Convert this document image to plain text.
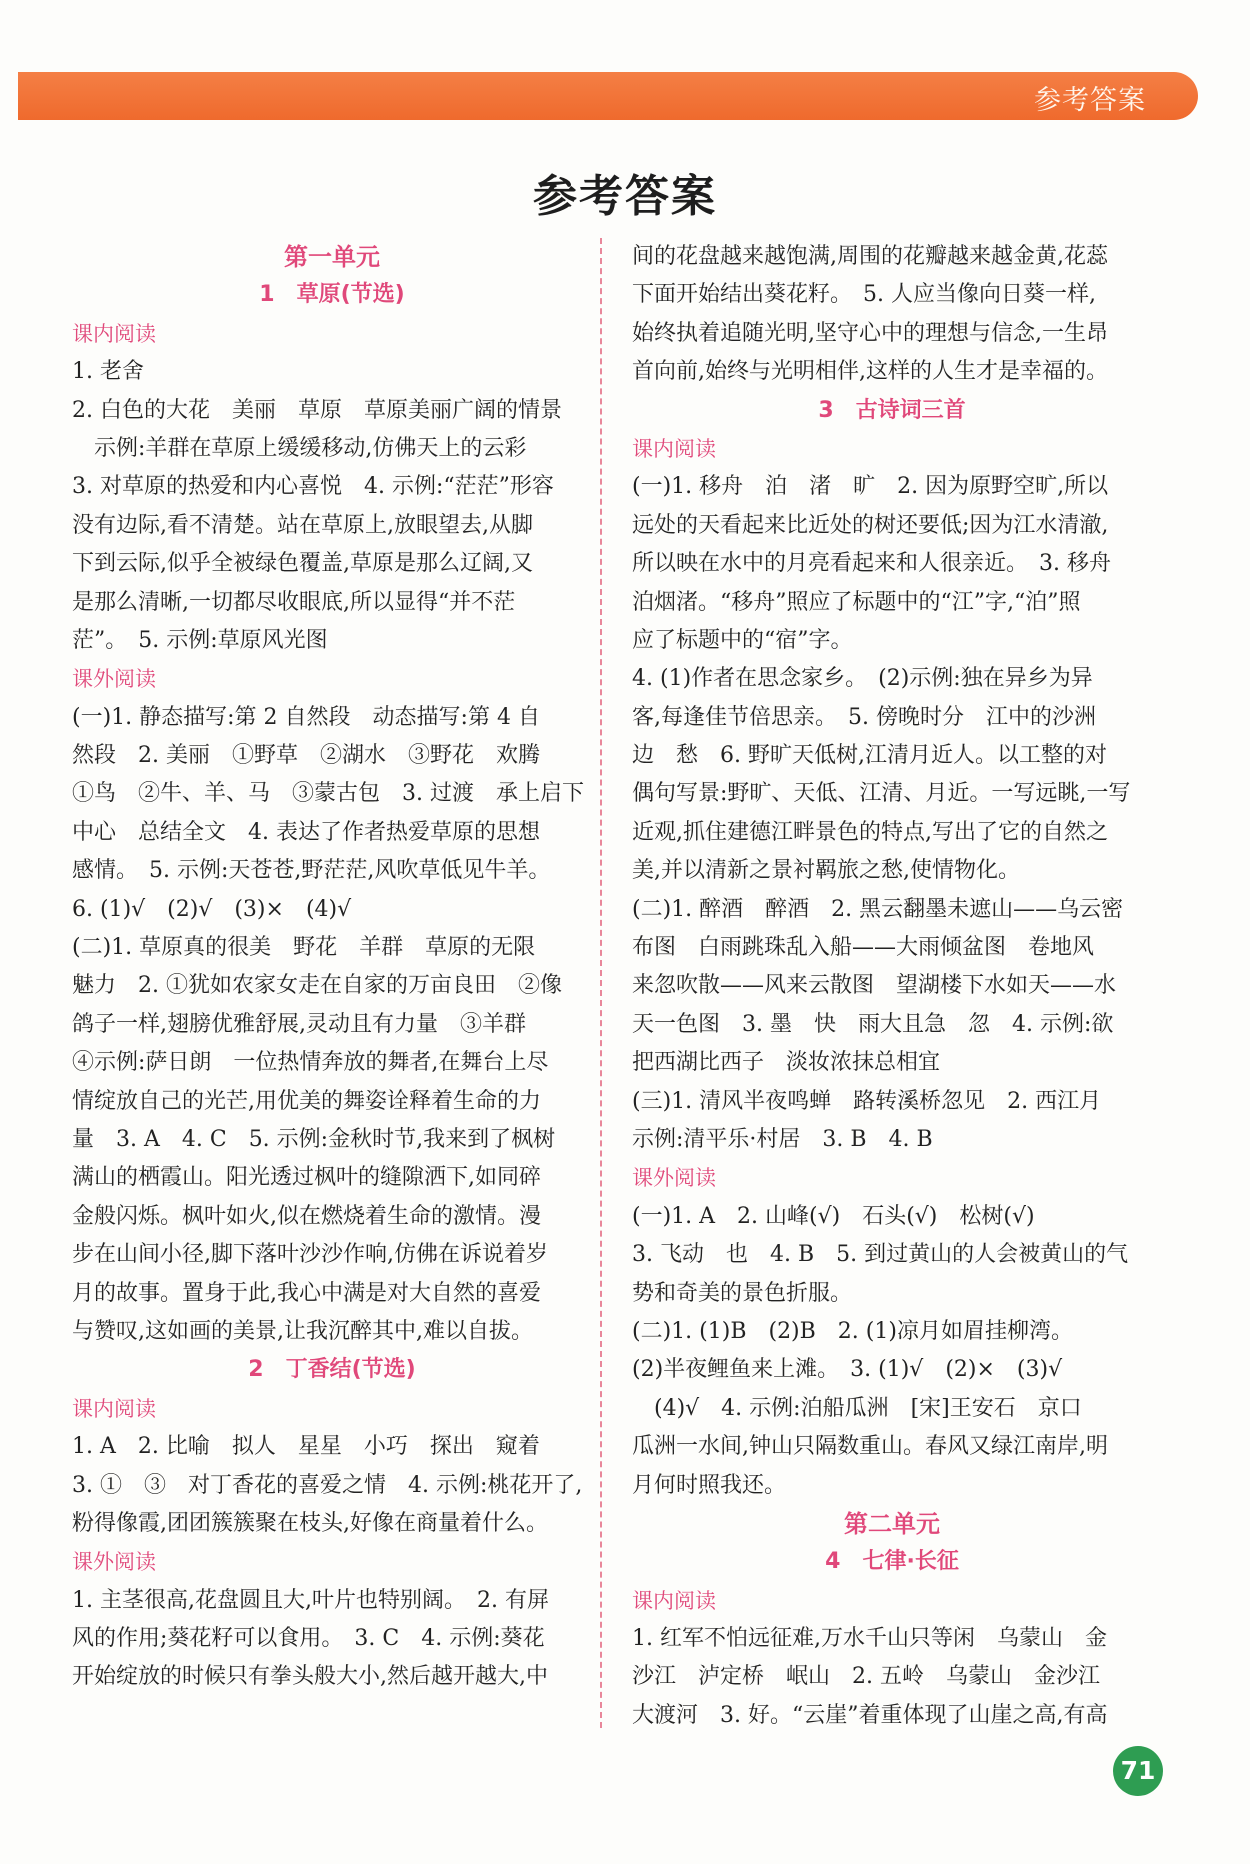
参考答案
参考答案
第一单元
1　草原(节选)
课内阅读
1. 老舍
2. 白色的大花　美丽　草原　草原美丽广阔的情景
　示例:羊群在草原上缓缓移动,仿佛天上的云彩
3. 对草原的热爱和内心喜悦　4. 示例:“茫茫”形容
没有边际,看不清楚。站在草原上,放眼望去,从脚
下到云际,似乎全被绿色覆盖,草原是那么辽阔,又
是那么清晰,一切都尽收眼底,所以显得“并不茫
茫”。　5. 示例:草原风光图
课外阅读
(一)1. 静态描写:第 2 自然段　动态描写:第 4 自
然段　2. 美丽　①野草　②湖水　③野花　欢腾
①鸟　②牛、羊、马　③蒙古包　3. 过渡　承上启下
中心　总结全文　4. 表达了作者热爱草原的思想
感情。　5. 示例:天苍苍,野茫茫,风吹草低见牛羊。
6. (1)√　(2)√　(3)×　(4)√
(二)1. 草原真的很美　野花　羊群　草原的无限
魅力　2. ①犹如农家女走在自家的万亩良田　②像
鸽子一样,翅膀优雅舒展,灵动且有力量　③羊群
④示例:萨日朗　一位热情奔放的舞者,在舞台上尽
情绽放自己的光芒,用优美的舞姿诠释着生命的力
量　3. A　4. C　5. 示例:金秋时节,我来到了枫树
满山的栖霞山。阳光透过枫叶的缝隙洒下,如同碎
金般闪烁。枫叶如火,似在燃烧着生命的激情。漫
步在山间小径,脚下落叶沙沙作响,仿佛在诉说着岁
月的故事。置身于此,我心中满是对大自然的喜爱
与赞叹,这如画的美景,让我沉醉其中,难以自拔。
2　丁香结(节选)
课内阅读
1. A　2. 比喻　拟人　星星　小巧　探出　窥着
3. ①　③　对丁香花的喜爱之情　4. 示例:桃花开了,
粉得像霞,团团簇簇聚在枝头,好像在商量着什么。
课外阅读
1. 主茎很高,花盘圆且大,叶片也特别阔。　2. 有屏
风的作用;葵花籽可以食用。　3. C　4. 示例:葵花
开始绽放的时候只有拳头般大小,然后越开越大,中
间的花盘越来越饱满,周围的花瓣越来越金黄,花蕊
下面开始结出葵花籽。　5. 人应当像向日葵一样,
始终执着追随光明,坚守心中的理想与信念,一生昂
首向前,始终与光明相伴,这样的人生才是幸福的。
3　古诗词三首
课内阅读
(一)1. 移舟　泊　渚　旷　2. 因为原野空旷,所以
远处的天看起来比近处的树还要低;因为江水清澈,
所以映在水中的月亮看起来和人很亲近。　3. 移舟
泊烟渚。“移舟”照应了标题中的“江”字,“泊”照
应了标题中的“宿”字。
4. (1)作者在思念家乡。　(2)示例:独在异乡为异
客,每逢佳节倍思亲。　5. 傍晚时分　江中的沙洲
边　愁　6. 野旷天低树,江清月近人。以工整的对
偶句写景:野旷、天低、江清、月近。一写远眺,一写
近观,抓住建德江畔景色的特点,写出了它的自然之
美,并以清新之景衬羁旅之愁,使情物化。
(二)1. 醉酒　醉酒　2. 黑云翻墨未遮山——乌云密
布图　白雨跳珠乱入船——大雨倾盆图　卷地风
来忽吹散——风来云散图　望湖楼下水如天——水
天一色图　3. 墨　快　雨大且急　忽　4. 示例:欲
把西湖比西子　淡妆浓抹总相宜
(三)1. 清风半夜鸣蝉　路转溪桥忽见　2. 西江月
示例:清平乐·村居　3. B　4. B
课外阅读
(一)1. A　2. 山峰(√)　石头(√)　松树(√)
3. 飞动　也　4. B　5. 到过黄山的人会被黄山的气
势和奇美的景色折服。
(二)1. (1)B　(2)B　2. (1)凉月如眉挂柳湾。
(2)半夜鲤鱼来上滩。　3. (1)√　(2)×　(3)√
　(4)√　4. 示例:泊船瓜洲　[宋]王安石　京口
瓜洲一水间,钟山只隔数重山。春风又绿江南岸,明
月何时照我还。
第二单元
4　七律·长征
课内阅读
1. 红军不怕远征难,万水千山只等闲　乌蒙山　金
沙江　泸定桥　岷山　2. 五岭　乌蒙山　金沙江
大渡河　3. 好。“云崖”着重体现了山崖之高,有高
71
